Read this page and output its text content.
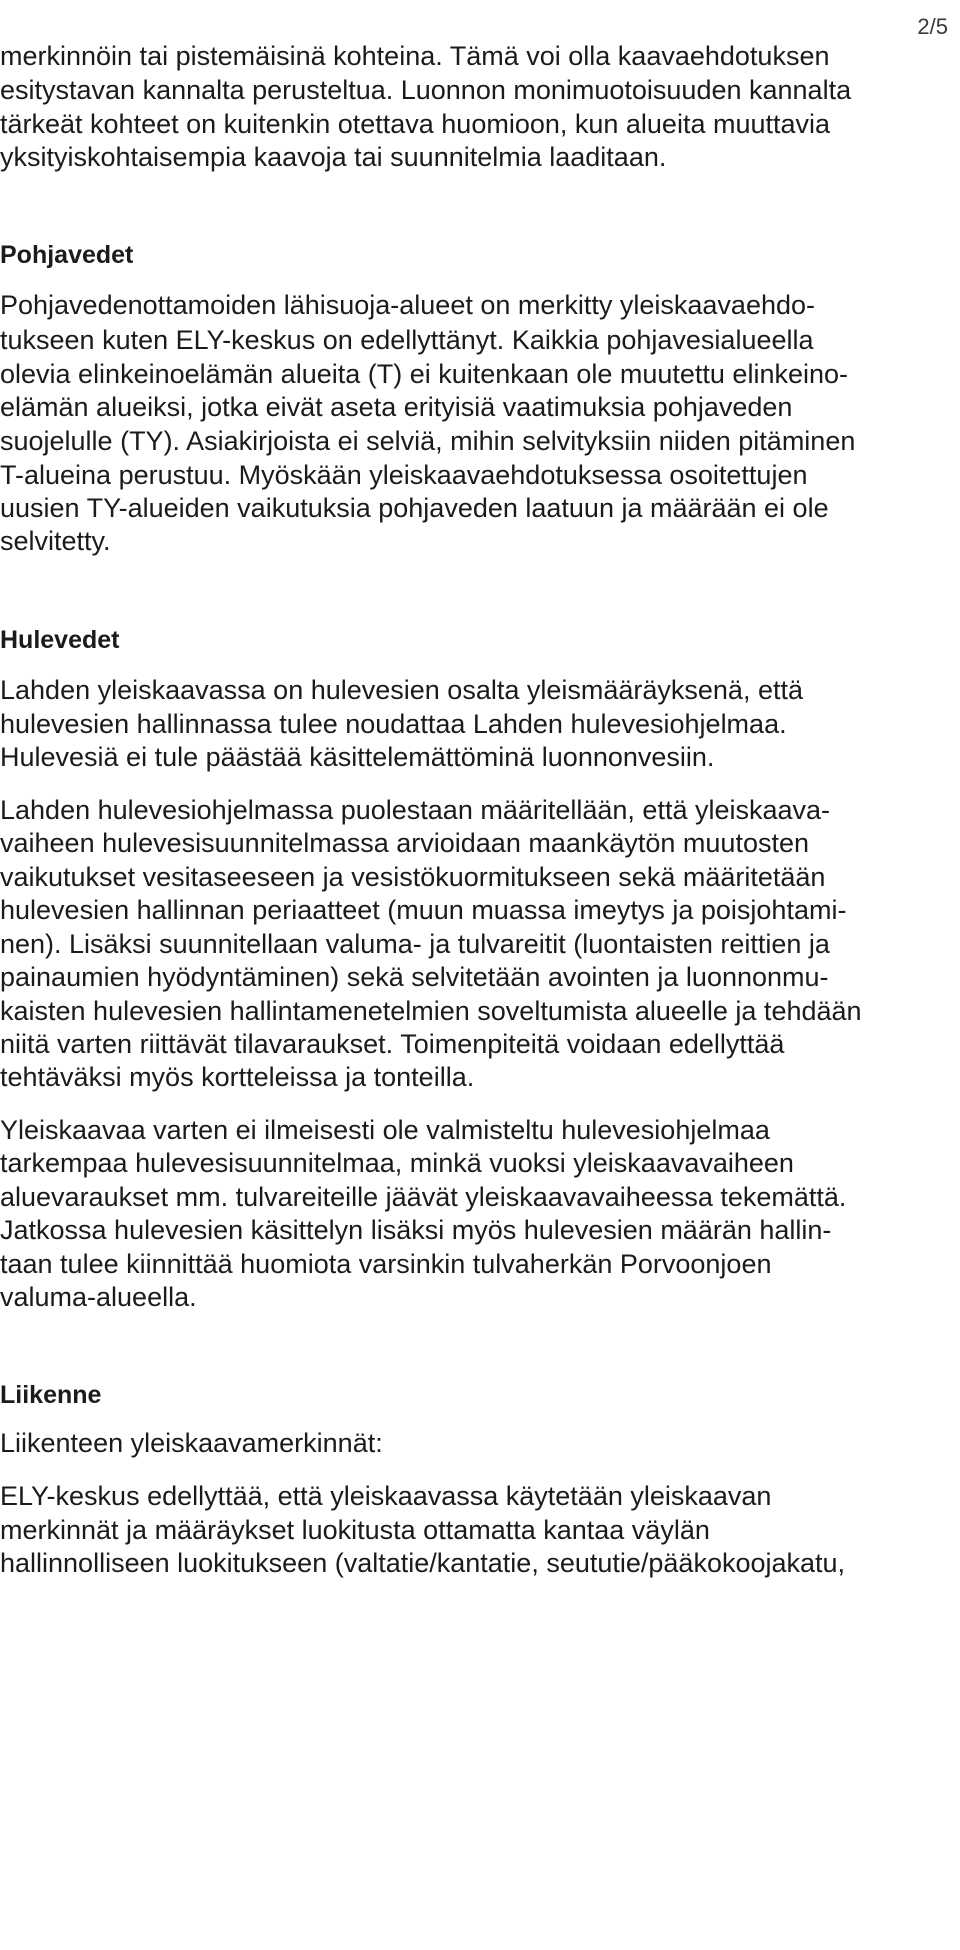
2/5
merkinnöin tai pistemäisinä kohteina. Tämä voi olla kaavaehdotuksen
esitystavan kannalta perusteltua. Luonnon monimuotoisuuden kannalta
tärkeät kohteet on kuitenkin otettava huomioon, kun alueita muuttavia
yksityiskohtaisempia kaavoja tai suunnitelmia laaditaan.
Pohjavedet
Pohjavedenottamoiden lähisuoja-alueet on merkitty yleiskaavaehdo-
tukseen kuten ELY-keskus on edellyttänyt. Kaikkia pohjavesialueella
olevia elinkeinoelämän alueita (T) ei kuitenkaan ole muutettu elinkeino-
elämän alueiksi, jotka eivät aseta erityisiä vaatimuksia pohjaveden
suojelulle (TY). Asiakirjoista ei selviä, mihin selvityksiin niiden pitäminen
T-alueina perustuu. Myöskään yleiskaavaehdotuksessa osoitettujen
uusien TY-alueiden vaikutuksia pohjaveden laatuun ja määrään ei ole
selvitetty.
Hulevedet
Lahden yleiskaavassa on hulevesien osalta yleismääräyksenä, että
hulevesien hallinnassa tulee noudattaa Lahden hulevesiohjelmaa.
Hulevesiä ei tule päästää käsittelemättöminä luonnonvesiin.
Lahden hulevesiohjelmassa puolestaan määritellään, että yleiskaava-
vaiheen hulevesisuunnitelmassa arvioidaan maankäytön muutosten
vaikutukset vesitaseeseen ja vesistökuormitukseen sekä määritetään
hulevesien hallinnan periaatteet (muun muassa imeytys ja poisjohtami-
nen). Lisäksi suunnitellaan valuma- ja tulvareitit (luontaisten reittien ja
painaumien hyödyntäminen) sekä selvitetään avointen ja luonnonmu-
kaisten hulevesien hallintamenetelmien soveltumista alueelle ja tehdään
niitä varten riittävät tilavaraukset. Toimenpiteitä voidaan edellyttää
tehtäväksi myös kortteleissa ja tonteilla.
Yleiskaavaa varten ei ilmeisesti ole valmisteltu hulevesiohjelmaa
tarkempaa hulevesisuunnitelmaa, minkä vuoksi yleiskaavavaiheen
aluevaraukset mm. tulvareiteille jäävät yleiskaavavaiheessa tekemättä.
Jatkossa hulevesien käsittelyn lisäksi myös hulevesien määrän hallin-
taan tulee kiinnittää huomiota varsinkin tulvaherkän Porvoonjoen
valuma-alueella.
Liikenne
Liikenteen yleiskaavamerkinnät:
ELY-keskus edellyttää, että yleiskaavassa käytetään yleiskaavan
merkinnät ja määräykset luokitusta ottamatta kantaa väylän
hallinnolliseen luokitukseen (valtatie/kantatie, seututie/pääkokoojakatu,
